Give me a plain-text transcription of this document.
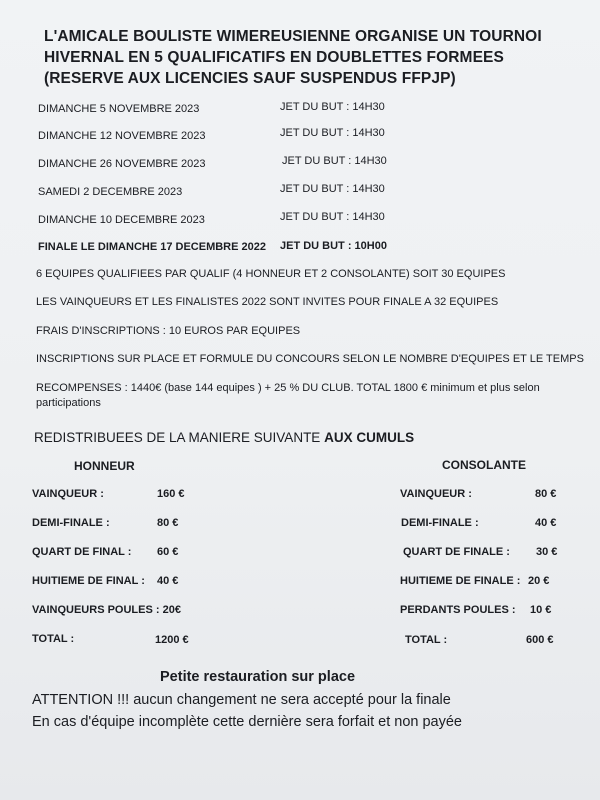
L'AMICALE BOULISTE WIMEREUSIENNE ORGANISE UN TOURNOI
HIVERNAL EN 5 QUALIFICATIFS EN DOUBLETTES FORMEES
(RESERVE AUX LICENCIES SAUF SUSPENDUS FFPJP)
DIMANCHE 5 NOVEMBRE 2023	JET DU BUT : 14H30
DIMANCHE 12 NOVEMBRE 2023	JET DU BUT : 14H30
DIMANCHE 26 NOVEMBRE 2023	JET DU BUT : 14H30
SAMEDI 2 DECEMBRE 2023	JET DU BUT : 14H30
DIMANCHE 10 DECEMBRE 2023	JET DU BUT : 14H30
FINALE LE DIMANCHE 17 DECEMBRE 2022 JET DU BUT : 10H00
6 EQUIPES QUALIFIEES PAR QUALIF (4 HONNEUR ET 2 CONSOLANTE) SOIT 30 EQUIPES
LES VAINQUEURS ET LES FINALISTES 2022 SONT INVITES POUR FINALE A 32 EQUIPES
FRAIS D'INSCRIPTIONS : 10 EUROS PAR EQUIPES
INSCRIPTIONS SUR PLACE ET FORMULE DU CONCOURS SELON LE NOMBRE D'EQUIPES ET LE TEMPS
RECOMPENSES : 1440€ (base 144 equipes ) + 25 % DU CLUB. TOTAL 1800 € minimum et plus selon
participations
REDISTRIBUEES DE LA MANIERE SUIVANTE AUX CUMULS
HONNEUR	CONSOLANTE
VAINQUEUR :	160 €
DEMI-FINALE :	80 €
QUART DE FINAL : 60 €
HUITIEME DE FINAL : 40 €
VAINQUEURS POULES : 20€
TOTAL :	1200 €
VAINQUEUR :	80 €
DEMI-FINALE :	40 €
QUART DE FINALE : 30 €
HUITIEME DE FINALE : 20 €
PERDANTS POULES : 10 €
TOTAL :	600 €
Petite restauration sur place
ATTENTION !!! aucun changement ne sera accepté pour la finale
En cas d'équipe incomplète cette dernière sera forfait et non payée
